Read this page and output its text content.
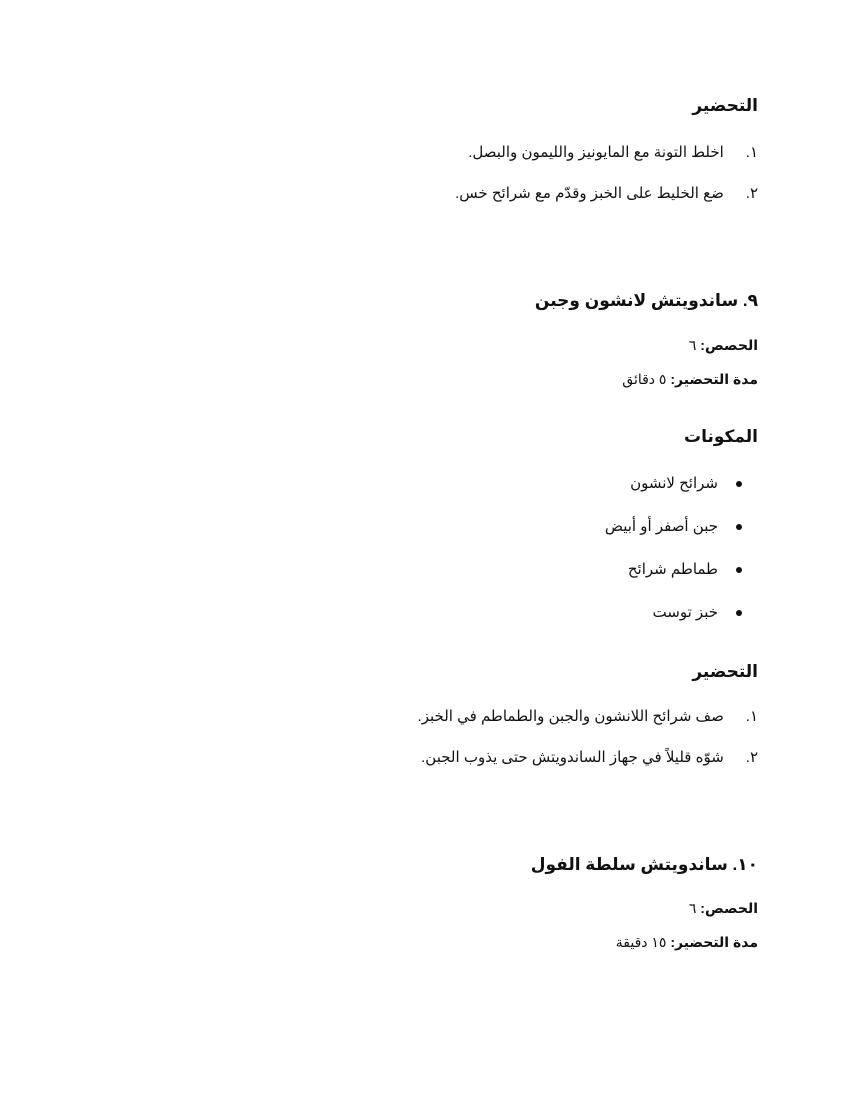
التحضير
١. اخلط التونة مع المايونيز والليمون والبصل.
٢. ضع الخليط على الخبز وقدّم مع شرائح خس.
٩. ساندويتش لانشون وجبن
الحصص: ٦
مدة التحضير: ٥ دقائق
المكونات
شرائح لانشون
جبن أصفر أو أبيض
طماطم شرائح
خبز توست
التحضير
١. صف شرائح اللانشون والجبن والطماطم في الخبز.
٢. شوّه قليلاً في جهاز الساندويتش حتى يذوب الجبن.
١٠. ساندويتش سلطة الفول
الحصص: ٦
مدة التحضير: ١٥ دقيقة
